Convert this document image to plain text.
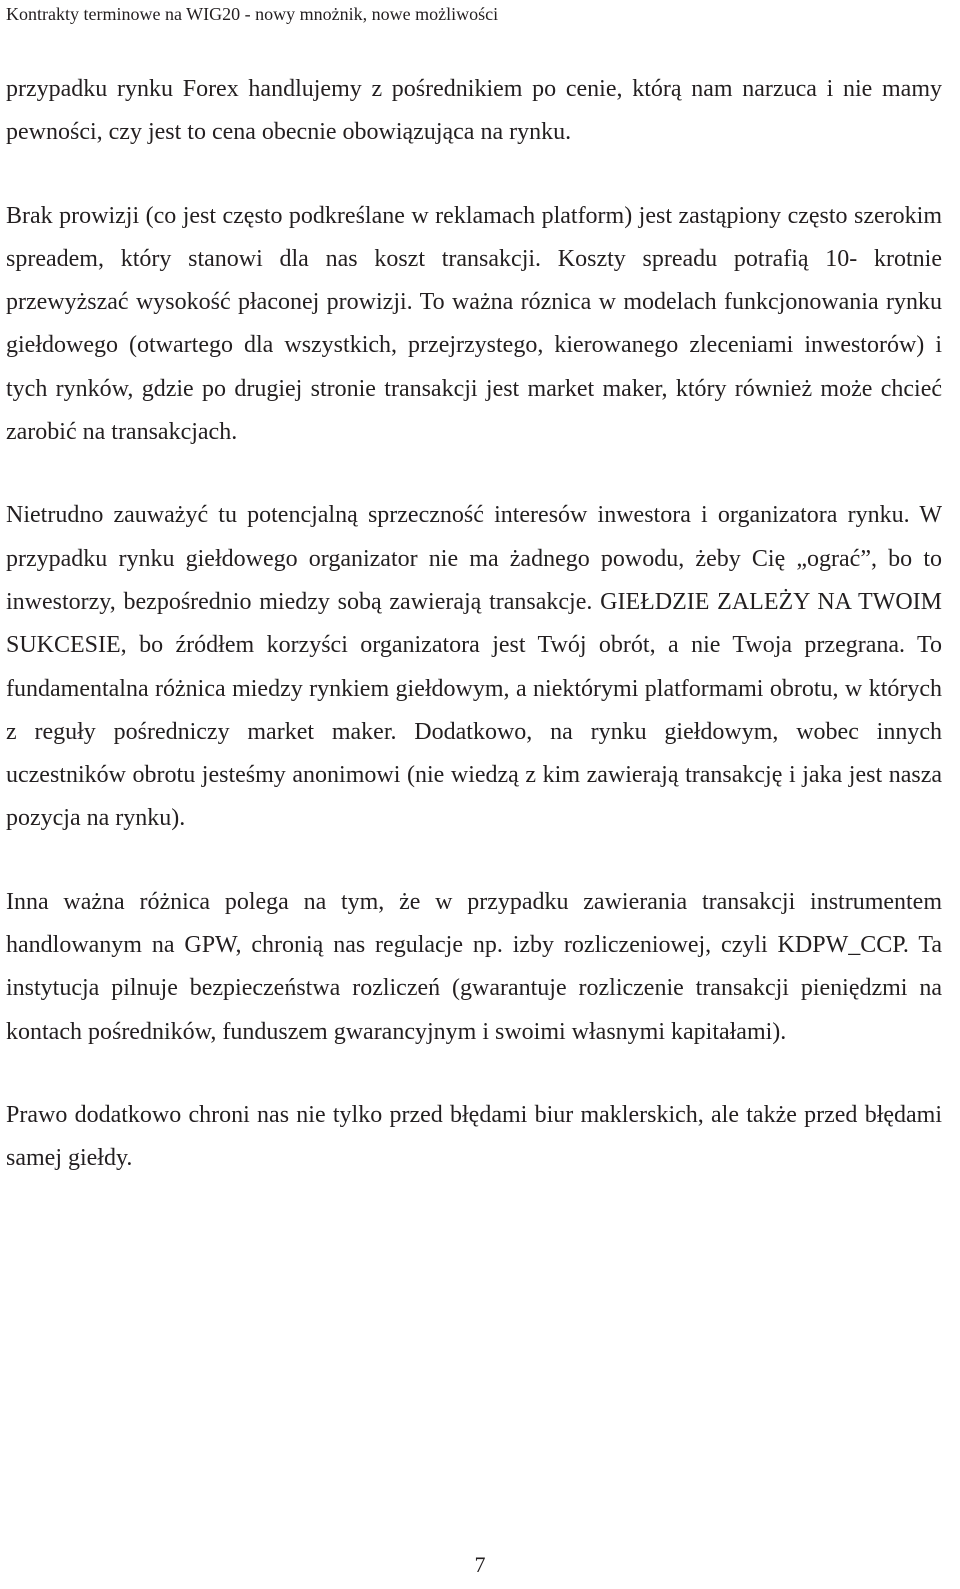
Kontrakty terminowe na WIG20 - nowy mnożnik, nowe możliwości

przypadku rynku Forex handlujemy z pośrednikiem po cenie, którą nam narzuca i nie mamy pewności, czy jest to cena obecnie obowiązująca na rynku.

Brak prowizji (co jest często podkreślane w reklamach platform) jest zastąpiony często szerokim spreadem, który stanowi dla nas koszt transakcji. Koszty spreadu potrafią 10- krotnie przewyższać wysokość płaconej prowizji. To ważna róznica w modelach funkcjonowania rynku giełdowego (otwartego dla wszystkich, przejrzystego, kierowanego zleceniami inwestorów) i tych rynków, gdzie po drugiej stronie transakcji jest market maker, który również może chcieć zarobić na transakcjach.

Nietrudno zauważyć tu potencjalną sprzeczność interesów inwestora i organizatora rynku. W przypadku rynku giełdowego organizator nie ma żadnego powodu, żeby Cię „ograć”, bo to inwestorzy, bezpośrednio miedzy sobą zawierają transakcje. GIEŁDZIE ZALEŻY NA TWOIM SUKCESIE, bo źródłem korzyści organizatora jest Twój obrót, a nie Twoja przegrana. To fundamentalna różnica miedzy rynkiem giełdowym, a niektórymi platformami obrotu, w których z reguły pośredniczy market maker. Dodatkowo, na rynku giełdowym, wobec innych uczestników obrotu jesteśmy anonimowi (nie wiedzą z kim zawierają transakcję i jaka jest nasza pozycja na rynku).

Inna ważna różnica polega na tym, że w przypadku zawierania transakcji instrumentem handlowanym na GPW, chronią nas regulacje np. izby rozliczeniowej, czyli KDPW_CCP. Ta instytucja pilnuje bezpieczeństwa rozliczeń (gwarantuje rozliczenie transakcji pieniędzmi na kontach pośredników, funduszem gwarancyjnym i swoimi własnymi kapitałami).

Prawo dodatkowo chroni nas nie tylko przed błędami biur maklerskich, ale także przed błędami samej giełdy.

7
